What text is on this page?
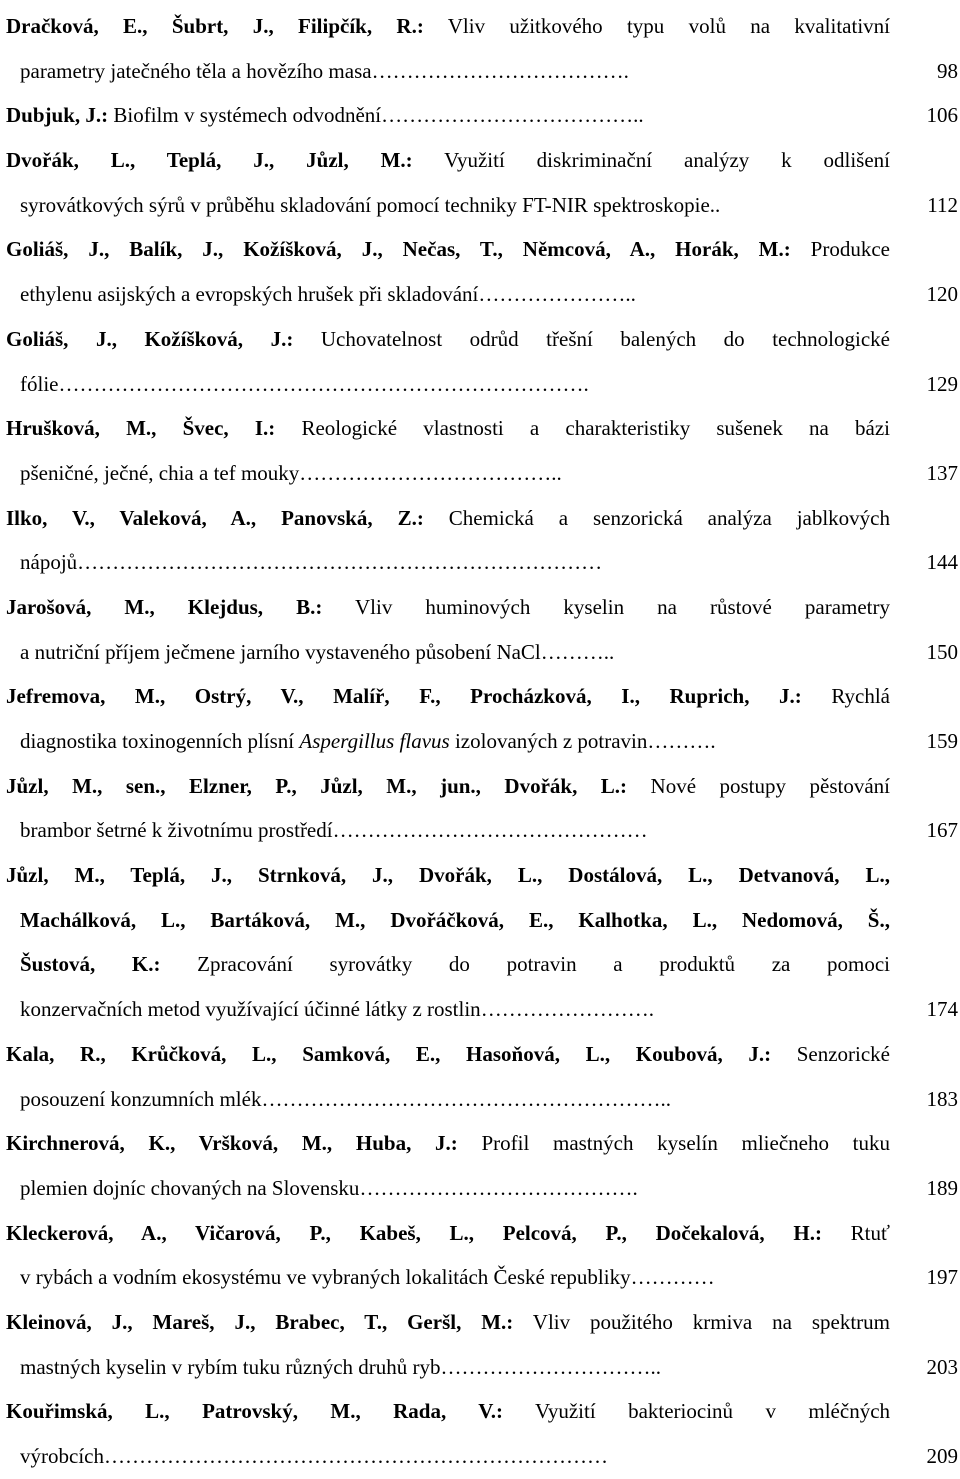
Dračková, E., Šubrt, J., Filipčík, R.: Vliv užitkového typu volů na kvalitativní
parametry jatečného těla a hovězího masa……………………………….	98
Dubjuk, J.: Biofilm v systémech odvodnění………………………………..	106
Dvořák, L., Teplá, J., Jůzl, M.: Využití diskriminační analýzy k odlišení
syrovátkových sýrů v průběhu skladování pomocí techniky FT-NIR spektroskopie..	112
Goliáš, J., Balík, J., Kožíšková, J., Nečas, T., Němcová, A., Horák, M.: Produkce
ethylenu asijských a evropských hrušek při skladování…………………..	120
Goliáš, J., Kožíšková, J.: Uchovatelnost odrůd třešní balených do technologické
fólie………………………………………………………………….	129
Hrušková, M., Švec, I.: Reologické vlastnosti a charakteristiky sušenek na bázi
pšeničné, ječné, chia a tef mouky………………………………..	137
Ilko, V., Valeková, A., Panovská, Z.: Chemická a senzorická analýza jablkových
nápojů…………………………………………………………………	144
Jarošová, M., Klejdus, B.: Vliv huminových kyselin na růstové parametry
a nutriční příjem ječmene jarního vystaveného působení NaCl………..	150
Jefremova, M., Ostrý, V., Malíř, F., Procházková, I., Ruprich, J.: Rychlá
diagnostika toxinogenních plísní Aspergillus flavus izolovaných z potravin……….	159
Jůzl, M., sen., Elzner, P., Jůzl, M., jun., Dvořák, L.: Nové postupy pěstování
brambor šetrné k životnímu prostředí………………………………………	167
Jůzl, M., Teplá, J., Strnková, J., Dvořák, L., Dostálová, L., Detvanová, L.,
Machálková, L., Bartáková, M., Dvořáčková, E., Kalhotka, L., Nedomová, Š.,
Šustová, K.: Zpracování syrovátky do potravin a produktů za pomoci
konzervačních metod využívající účinné látky z rostlin…………………….	174
Kala, R., Krůčková, L., Samková, E., Hasoňová, L., Koubová, J.: Senzorické
posouzení konzumních mlék…………………………………………………..	183
Kirchnerová, K., Vršková, M., Huba, J.: Profil mastných kyselín mliečneho tuku
plemien dojníc chovaných na Slovensku………………………………….	189
Kleckerová, A., Vičarová, P., Kabeš, L., Pelcová, P., Dočekalová, H.: Rtuť
v rybách a vodním ekosystému ve vybraných lokalitách České republiky…………	197
Kleinová, J., Mareš, J., Brabec, T., Geršl, M.: Vliv použitého krmiva na spektrum
mastných kyselin v rybím tuku různých druhů ryb…………………………..	203
Kouřimská, L., Patrovský, M., Rada, V.: Využití bakteriocinů v mléčných
výrobcích………………………………………………………………	209
